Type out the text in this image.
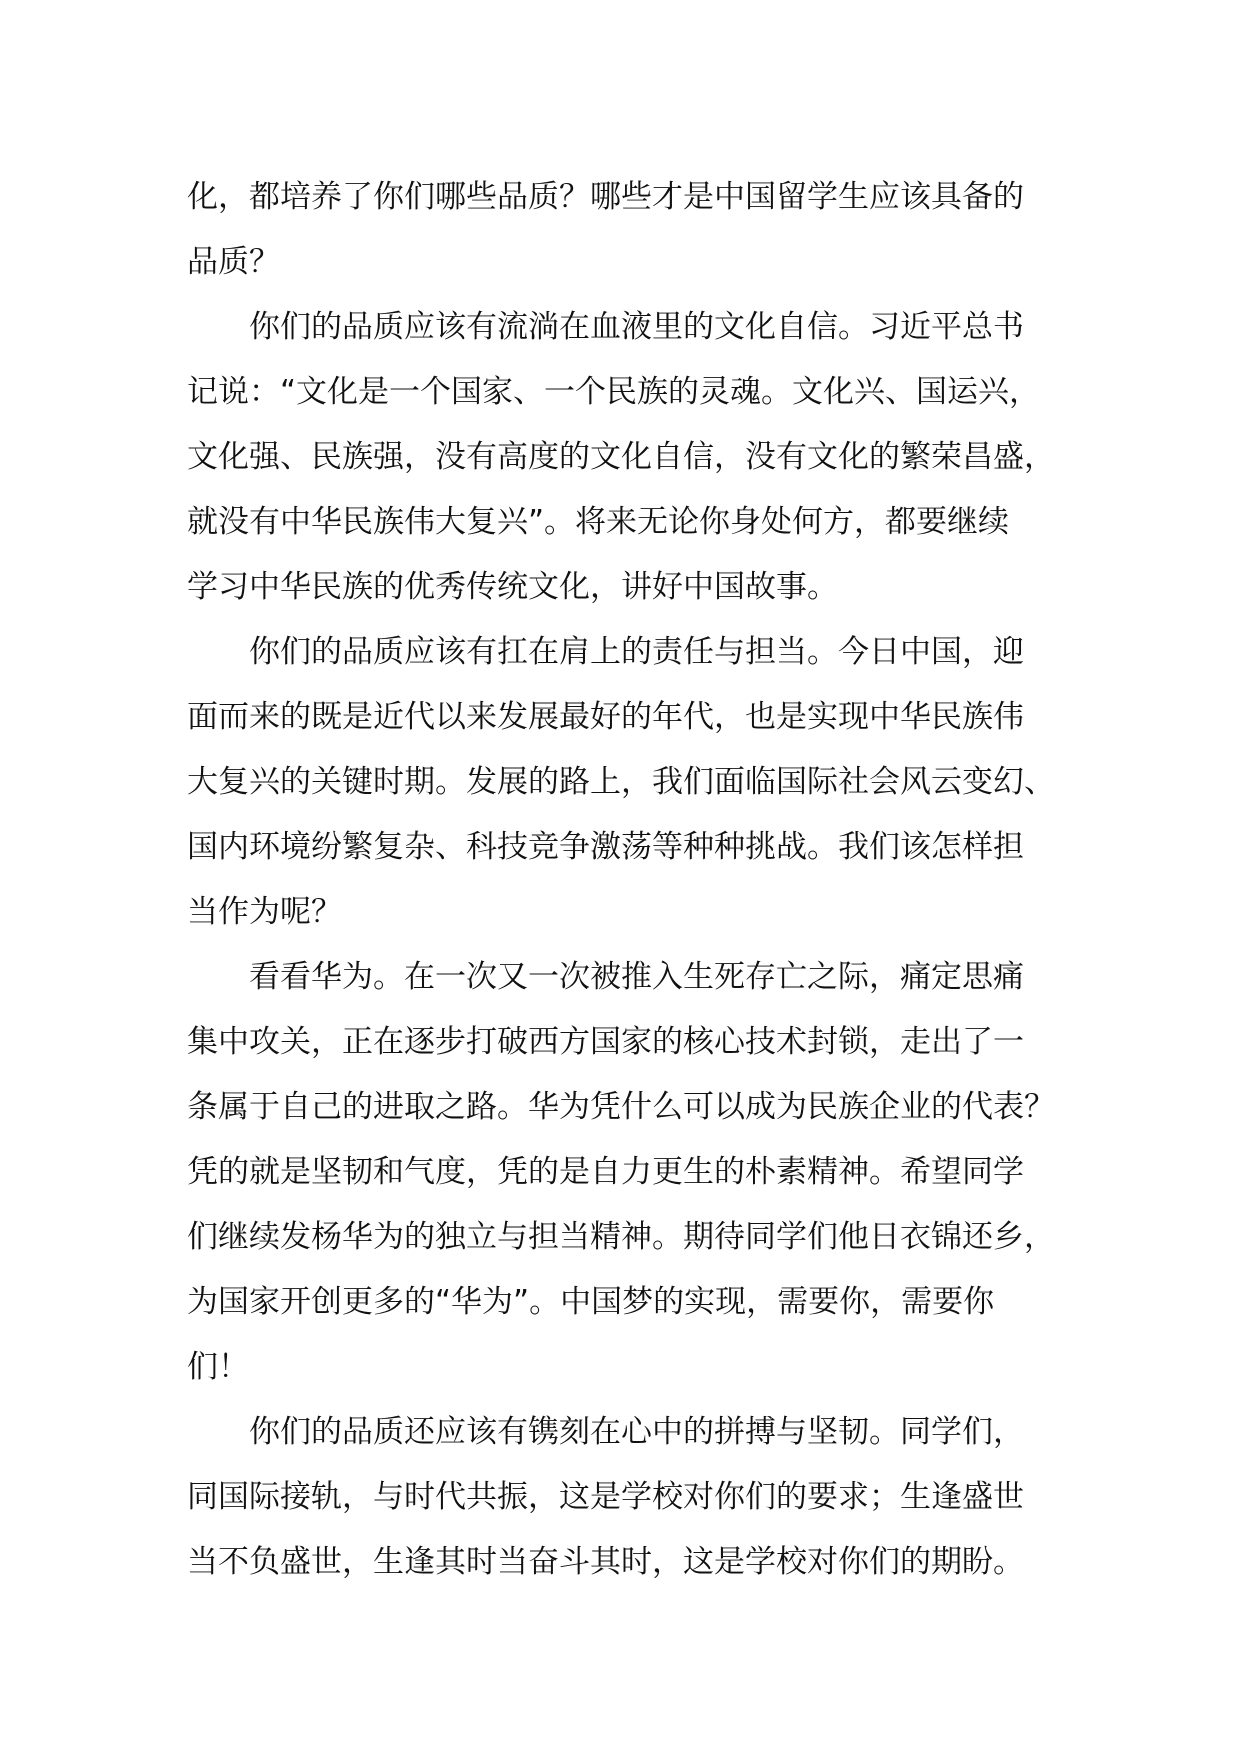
化，都培养了你们哪些品质？哪些才是中国留学生应该具备的
品质？
你们的品质应该有流淌在血液里的文化自信。习近平总书
记说：“文化是一个国家、一个民族的灵魂。文化兴、国运兴，
文化强、民族强，没有高度的文化自信，没有文化的繁荣昌盛，
就没有中华民族伟大复兴”。将来无论你身处何方，都要继续
学习中华民族的优秀传统文化，讲好中国故事。
你们的品质应该有扛在肩上的责任与担当。今日中国，迎
面而来的既是近代以来发展最好的年代，也是实现中华民族伟
大复兴的关键时期。发展的路上，我们面临国际社会风云变幻、
国内环境纷繁复杂、科技竞争激荡等种种挑战。我们该怎样担
当作为呢？
看看华为。在一次又一次被推入生死存亡之际，痛定思痛
集中攻关，正在逐步打破西方国家的核心技术封锁，走出了一
条属于自己的进取之路。华为凭什么可以成为民族企业的代表？
凭的就是坚韧和气度，凭的是自力更生的朴素精神。希望同学
们继续发杨华为的独立与担当精神。期待同学们他日衣锦还乡，
为国家开创更多的“华为”。中国梦的实现，需要你，需要你
们！
你们的品质还应该有镌刻在心中的拼搏与坚韧。同学们，
同国际接轨，与时代共振，这是学校对你们的要求；生逢盛世
当不负盛世，生逢其时当奋斗其时，这是学校对你们的期盼。
